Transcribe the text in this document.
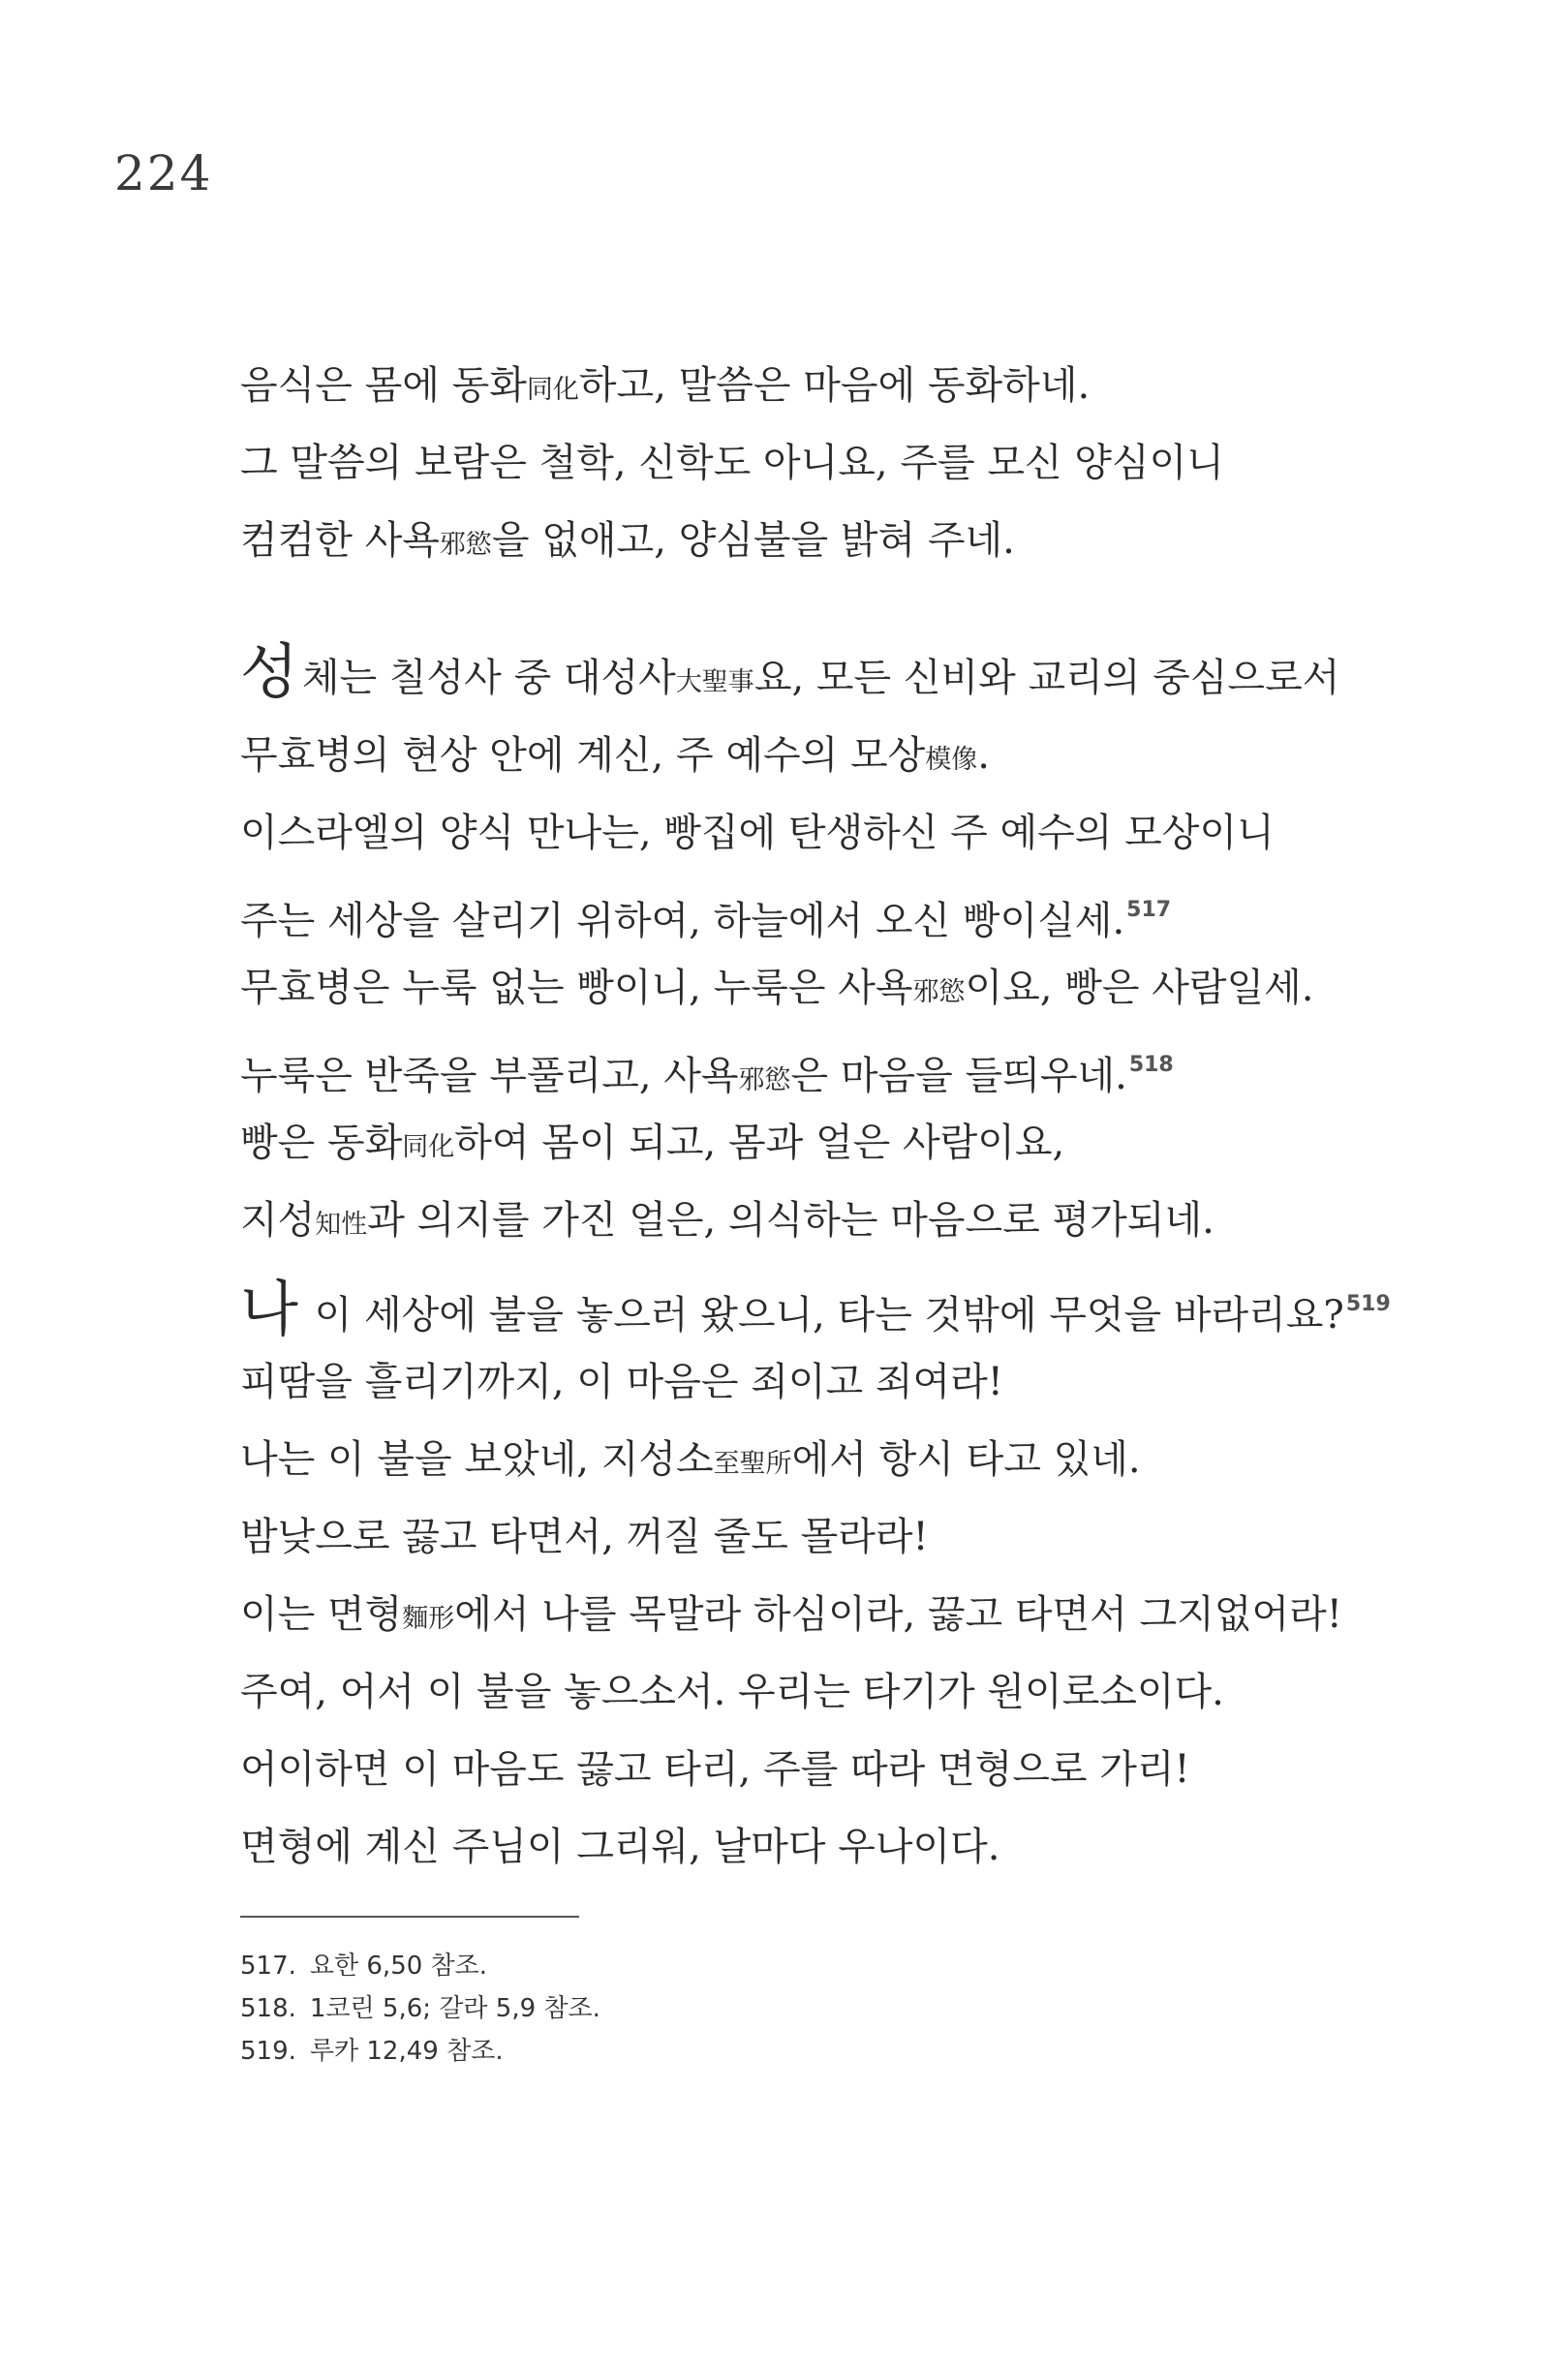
224
음식은 몸에 동화同化하고, 말씀은 마음에 동화하네.
그 말씀의 보람은 철학, 신학도 아니요, 주를 모신 양심이니
컴컴한 사욕邪慾을 없애고, 양심불을 밝혀 주네.
성체는 칠성사 중 대성사大聖事요, 모든 신비와 교리의 중심으로서
무효병의 현상 안에 계신, 주 예수의 모상模像.
이스라엘의 양식 만나는, 빵집에 탄생하신 주 예수의 모상이니
주는 세상을 살리기 위하여, 하늘에서 오신 빵이실세.$^{517}$
무효병은 누룩 없는 빵이니, 누룩은 사욕邪慾이요, 빵은 사람일세.
누룩은 반죽을 부풀리고, 사욕邪慾은 마음을 들띄우네.$^{518}$
빵은 동화同化하여 몸이 되고, 몸과 얼은 사람이요,
지성知性과 의지를 가진 얼은, 의식하는 마음으로 평가되네.
나 이 세상에 불을 놓으러 왔으니, 타는 것밖에 무엇을 바라리요?$^{519}$
피땀을 흘리기까지, 이 마음은 죄이고 죄여라!
나는 이 불을 보았네, 지성소至聖所에서 항시 타고 있네.
밤낮으로 끓고 타면서, 꺼질 줄도 몰라라!
이는 면형麵形에서 나를 목말라 하심이라, 끓고 타면서 그지없어라!
주여, 어서 이 불을 놓으소서. 우리는 타기가 원이로소이다.
어이하면 이 마음도 끓고 타리, 주를 따라 면형으로 가리!
면형에 계신 주님이 그리워, 날마다 우나이다.
517. 요한 6,50 참조.
518. 1코린 5,6; 갈라 5,9 참조.
519. 루카 12,49 참조.
